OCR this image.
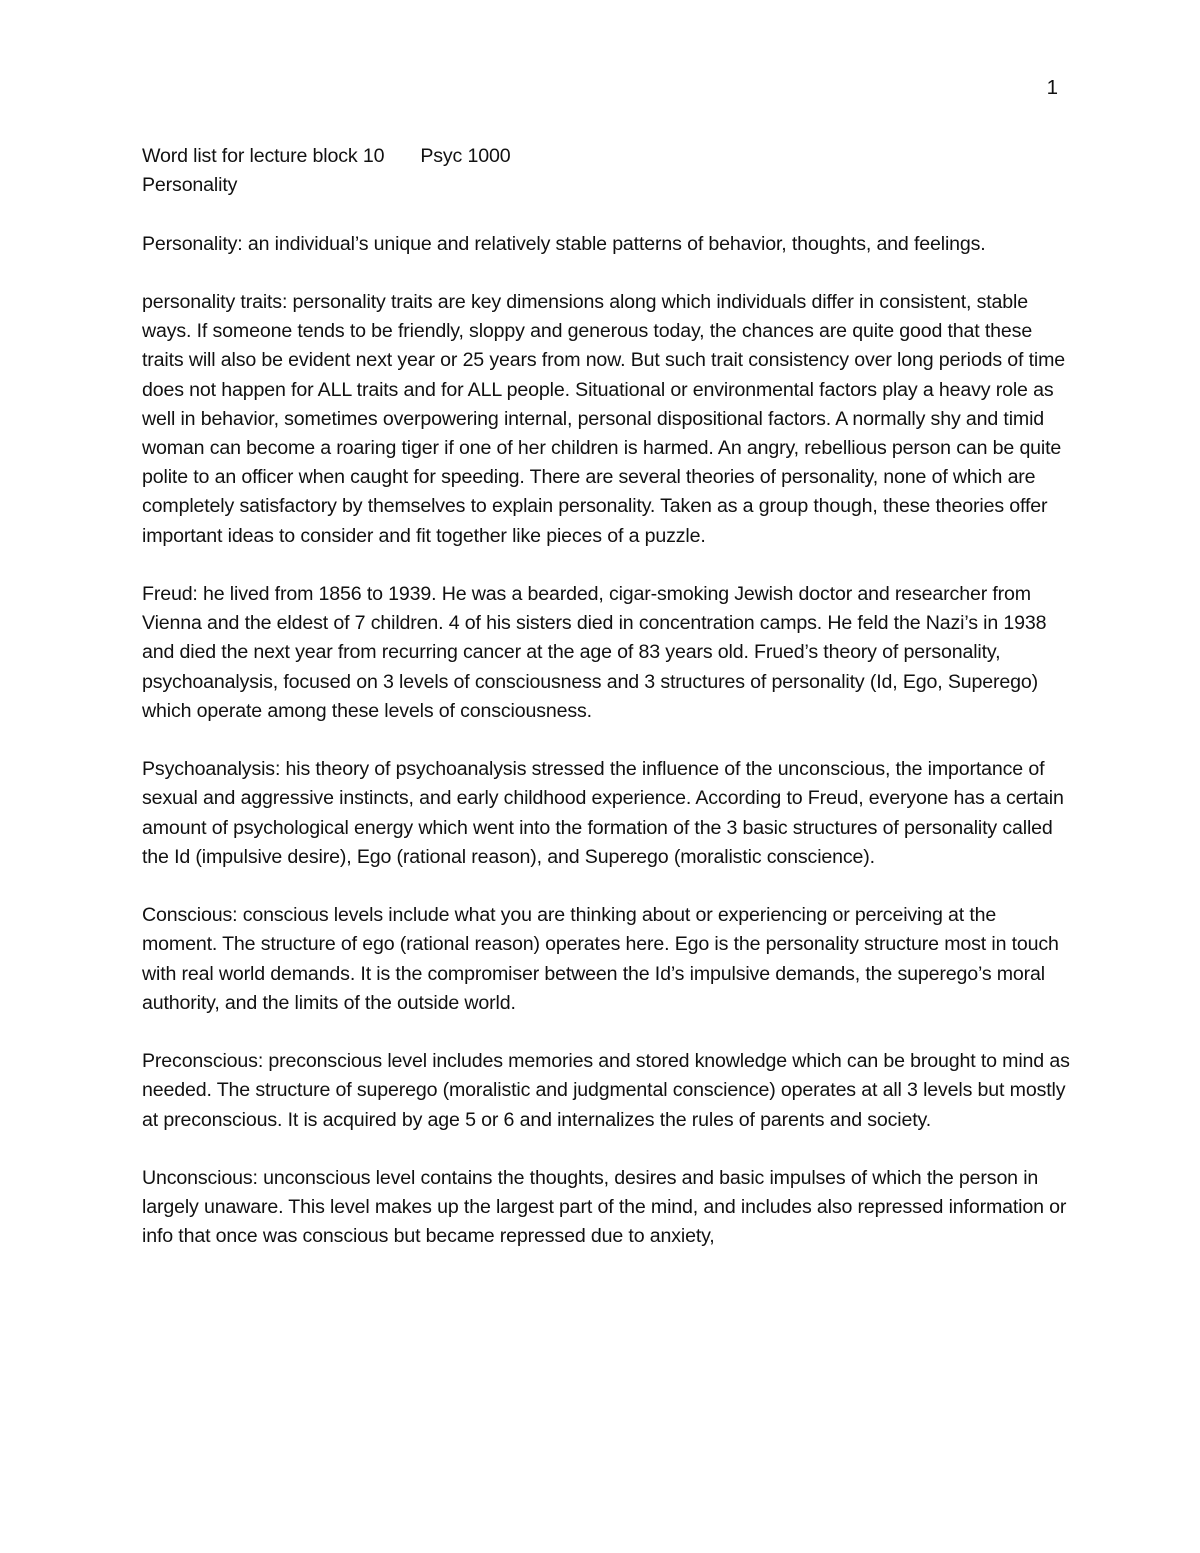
1

Word list for lecture block 10 Psyc 1000

Personality

Personality: an individual’s unique and relatively stable patterns of behavior, thoughts, and feelings.

personality traits: personality traits are key dimensions along which individuals differ in consistent, stable ways. If someone tends to be friendly, sloppy and generous today, the chances are quite good that these traits will also be evident next year or 25 years from now. But such trait consistency over long periods of time does not happen for ALL traits and for ALL people. Situational or environmental factors play a heavy role as well in behavior, sometimes overpowering internal, personal dispositional factors. A normally shy and timid woman can become a roaring tiger if one of her children is harmed. An angry, rebellious person can be quite polite to an officer when caught for speeding. There are several theories of personality, none of which are completely satisfactory by themselves to explain personality. Taken as a group though, these theories offer important ideas to consider and fit together like pieces of a puzzle.

Freud: he lived from 1856 to 1939. He was a bearded, cigar-smoking Jewish doctor and researcher from Vienna and the eldest of 7 children. 4 of his sisters died in concentration camps. He feld the Nazi’s in 1938 and died the next year from recurring cancer at the age of 83 years old. Frued’s theory of personality, psychoanalysis, focused on 3 levels of consciousness and 3 structures of personality (Id, Ego, Superego) which operate among these levels of consciousness.

Psychoanalysis: his theory of psychoanalysis stressed the influence of the unconscious, the importance of sexual and aggressive instincts, and early childhood experience. According to Freud, everyone has a certain amount of psychological energy which went into the formation of the 3 basic structures of personality called the Id (impulsive desire), Ego (rational reason), and Superego (moralistic conscience).

Conscious: conscious levels include what you are thinking about or experiencing or perceiving at the moment. The structure of ego (rational reason) operates here. Ego is the personality structure most in touch with real world demands. It is the compromiser between the Id’s impulsive demands, the superego’s moral authority, and the limits of the outside world.

Preconscious: preconscious level includes memories and stored knowledge which can be brought to mind as needed. The structure of superego (moralistic and judgmental conscience) operates at all 3 levels but mostly at preconscious. It is acquired by age 5 or 6 and internalizes the rules of parents and society.

Unconscious: unconscious level contains the thoughts, desires and basic impulses of which the person in largely unaware. This level makes up the largest part of the mind, and includes also repressed information or info that once was conscious but became repressed due to anxiety,
